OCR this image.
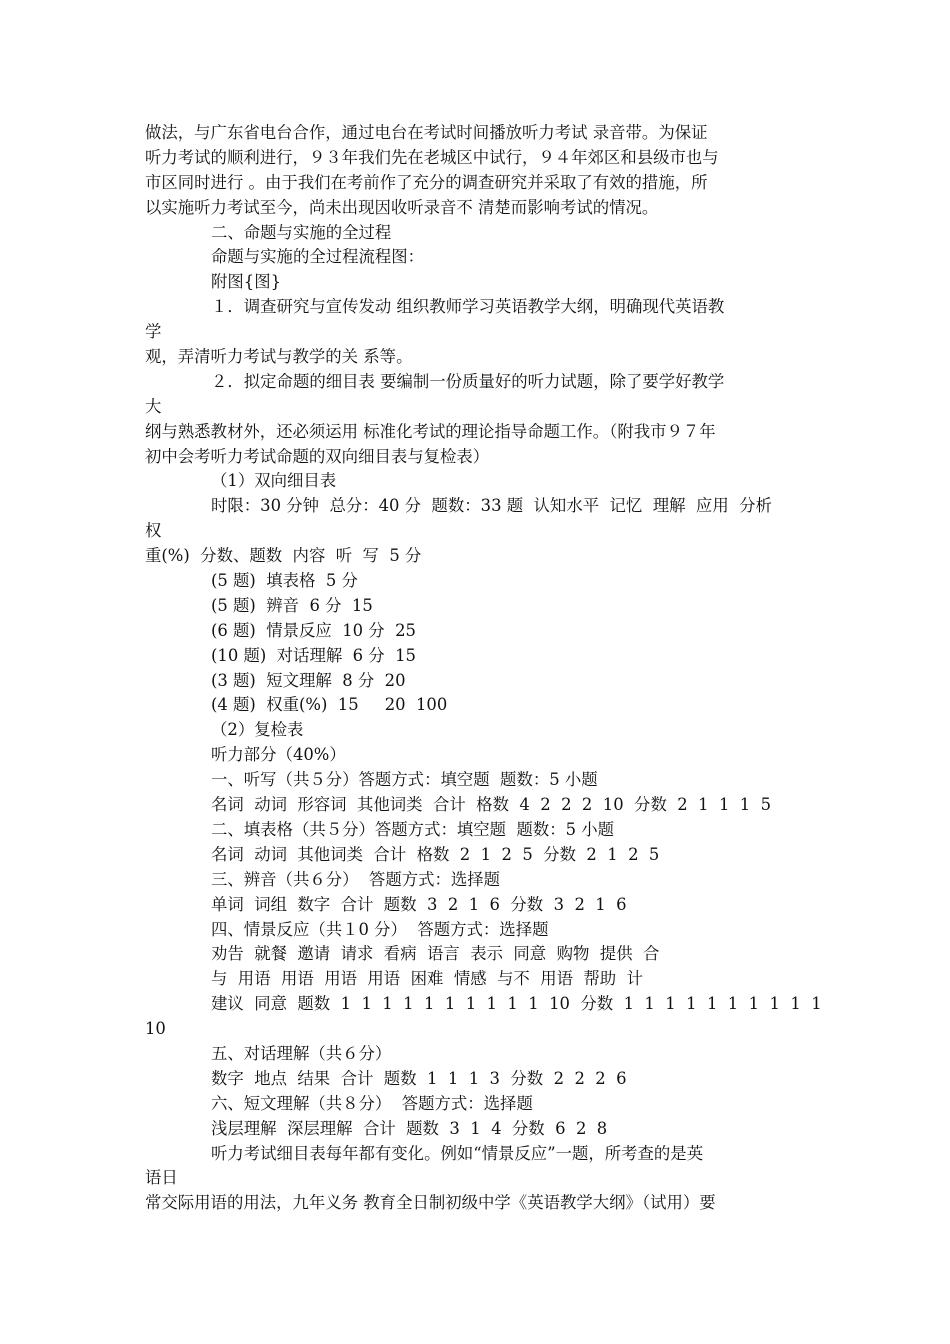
做法，与广东省电台合作，通过电台在考试时间播放听力考试 录音带。为保证
听力考试的顺利进行，９３年我们先在老城区中试行，９４年郊区和县级市也与
市区同时进行 。由于我们在考前作了充分的调查研究并采取了有效的措施，所
以实施听力考试至今，尚未出现因收听录音不 清楚而影响考试的情况。
二、命题与实施的全过程
命题与实施的全过程流程图：
附图{图}
１．调查研究与宣传发动 组织教师学习英语教学大纲，明确现代英语教
学
观，弄清听力考试与教学的关 系等。
２．拟定命题的细目表 要编制一份质量好的听力试题，除了要学好教学
大
纲与熟悉教材外，还必须运用 标准化考试的理论指导命题工作。（附我市９７年
初中会考听力考试命题的双向细目表与复检表）
（1）双向细目表
时限：30 分钟  总分：40 分  题数：33 题  认知水平  记忆  理解  应用  分析
权
重(%)  分数、题数  内容  听  写  5 分
(5 题)  填表格  5 分
(5 题)  辨音  6 分  15
(6 题)  情景反应  10 分  25
(10 题)  对话理解  6 分  15
(3 题)  短文理解  8 分  20
(4 题)  权重(%)  15     20  100
（2）复检表
听力部分（40%）
一、听写（共５分）答题方式：填空题  题数：5 小题
名词  动词  形容词  其他词类  合计  格数  4  2  2  2  10  分数  2  1  1  1  5
二、填表格（共５分）答题方式：填空题  题数：5 小题
名词  动词  其他词类  合计  格数  2  1  2  5  分数  2  1  2  5
三、辨音（共６分）  答题方式：选择题
单词  词组  数字  合计  题数  3  2  1  6  分数  3  2  1  6
四、情景反应（共１0 分）  答题方式：选择题
劝告  就餐  邀请  请求  看病  语言  表示  同意  购物  提供  合
与  用语  用语  用语  用语  困难  情感  与不  用语  帮助  计
建议  同意  题数  1  1  1  1  1  1  1  1  1  1  10  分数  1  1  1  1  1  1  1  1  1  1
10
五、对话理解（共６分）
数字  地点  结果  合计  题数  1  1  1  3  分数  2  2  2  6
六、短文理解（共８分）  答题方式：选择题
浅层理解  深层理解  合计  题数  3  1  4  分数  6  2  8
听力考试细目表每年都有变化。例如“情景反应”一题，所考查的是英
语日
常交际用语的用法，九年义务 教育全日制初级中学《英语教学大纲》（试用）要
